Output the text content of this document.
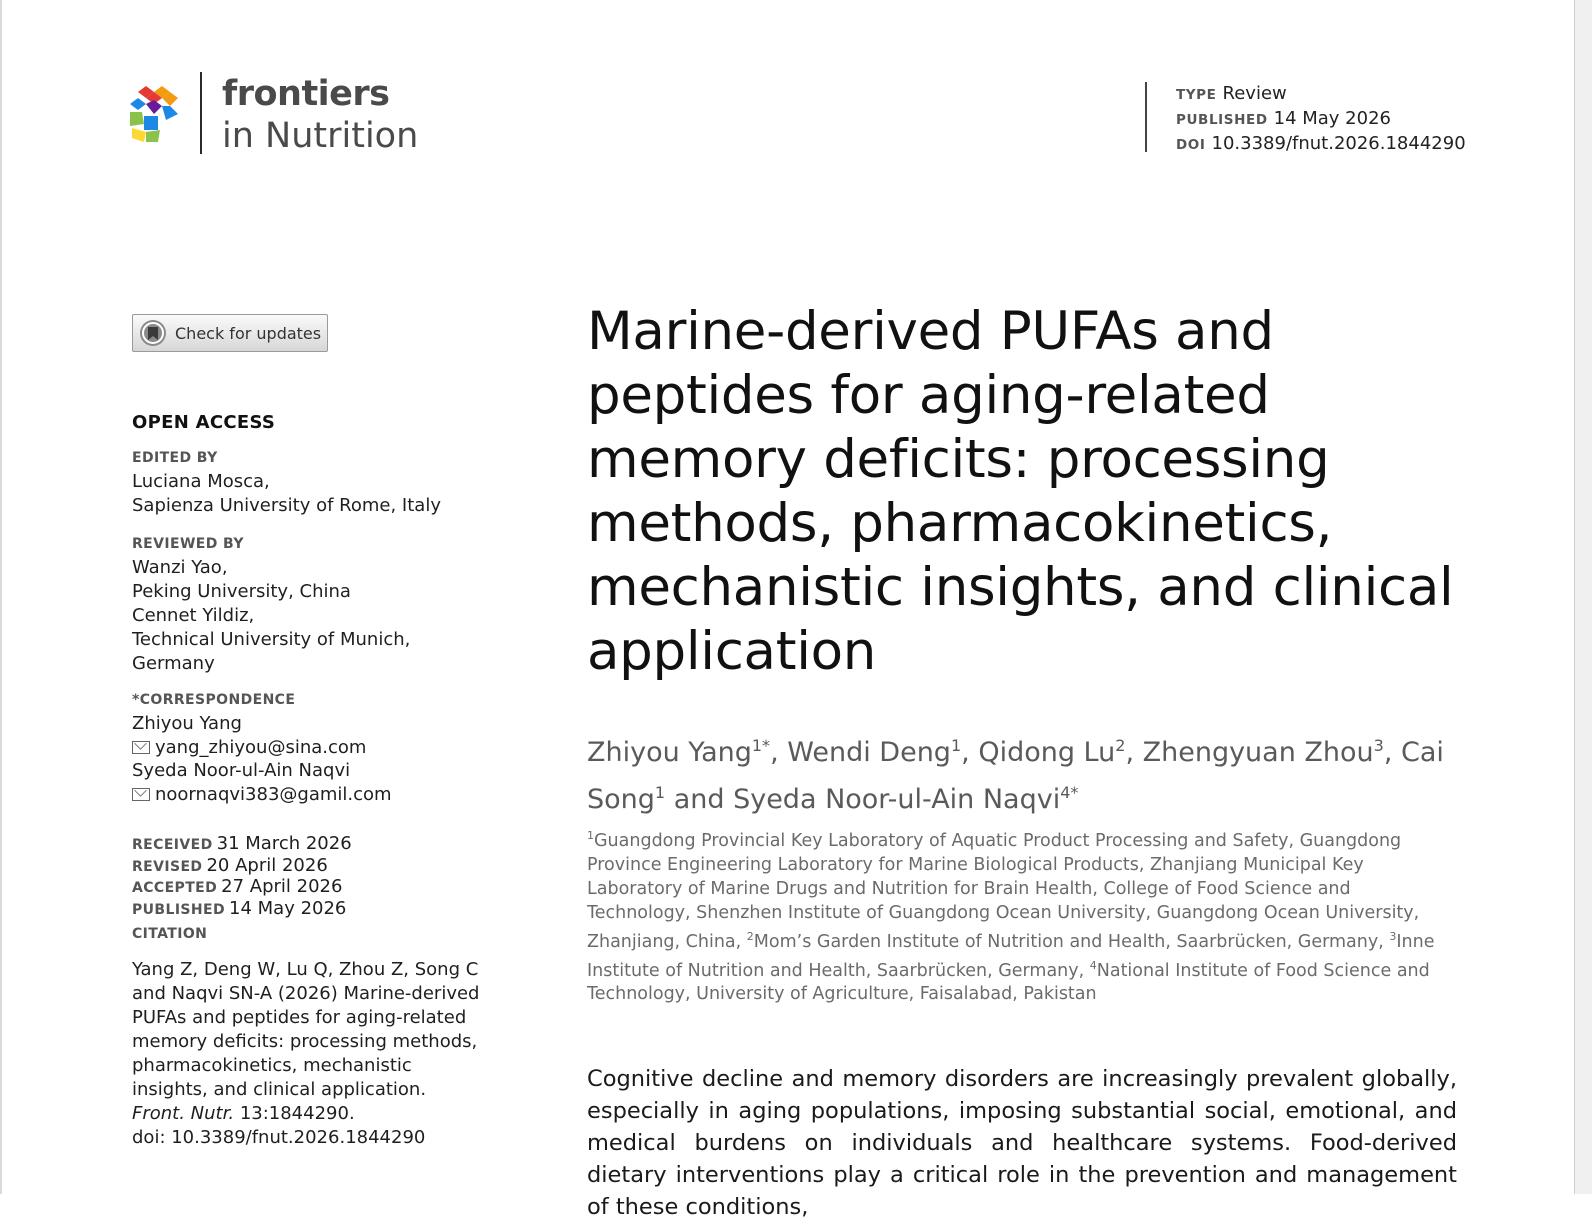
frontiers
in Nutrition
TYPE Review
PUBLISHED 14 May 2026
DOI 10.3389/fnut.2026.1844290
Check for updates
OPEN ACCESS
EDITED BY
Luciana Mosca,
Sapienza University of Rome, Italy
REVIEWED BY
Wanzi Yao,
Peking University, China
Cennet Yildiz,
Technical University of Munich,
Germany
*CORRESPONDENCE
Zhiyou Yang
yang_zhiyou@sina.com
Syeda Noor-ul-Ain Naqvi
noornaqvi383@gamil.com
RECEIVED 31 March 2026
REVISED 20 April 2026
ACCEPTED 27 April 2026
PUBLISHED 14 May 2026
CITATION

Yang Z, Deng W, Lu Q, Zhou Z, Song C and Naqvi SN-A (2026) Marine-derived PUFAs and peptides for aging-related memory deficits: processing methods, pharmacokinetics, mechanistic insights, and clinical application.

Front. Nutr. 13:1844290.

doi: 10.3389/fnut.2026.1844290

Marine-derived PUFAs and peptides for aging-related memory deficits: processing methods, pharmacokinetics, mechanistic insights, and clinical application

Zhiyou Yang$^{1*}$, Wendi Deng$^1$, Qidong Lu$^2$, Zhengyuan Zhou$^3$, Cai Song$^1$ and Syeda Noor-ul-Ain Naqvi$^{4*}$

$^1$Guangdong Provincial Key Laboratory of Aquatic Product Processing and Safety, Guangdong Province Engineering Laboratory for Marine Biological Products, Zhanjiang Municipal Key Laboratory of Marine Drugs and Nutrition for Brain Health, College of Food Science and Technology, Shenzhen Institute of Guangdong Ocean University, Guangdong Ocean University, Zhanjiang, China, $^2$Mom’s Garden Institute of Nutrition and Health, Saarbrücken, Germany, $^3$Inne Institute of Nutrition and Health, Saarbrücken, Germany, $^4$National Institute of Food Science and Technology, University of Agriculture, Faisalabad, Pakistan

Cognitive decline and memory disorders are increasingly prevalent globally, especially in aging populations, imposing substantial social, emotional, and medical burdens on individuals and healthcare systems. Food-derived dietary interventions play a critical role in the prevention and management of these conditions,
